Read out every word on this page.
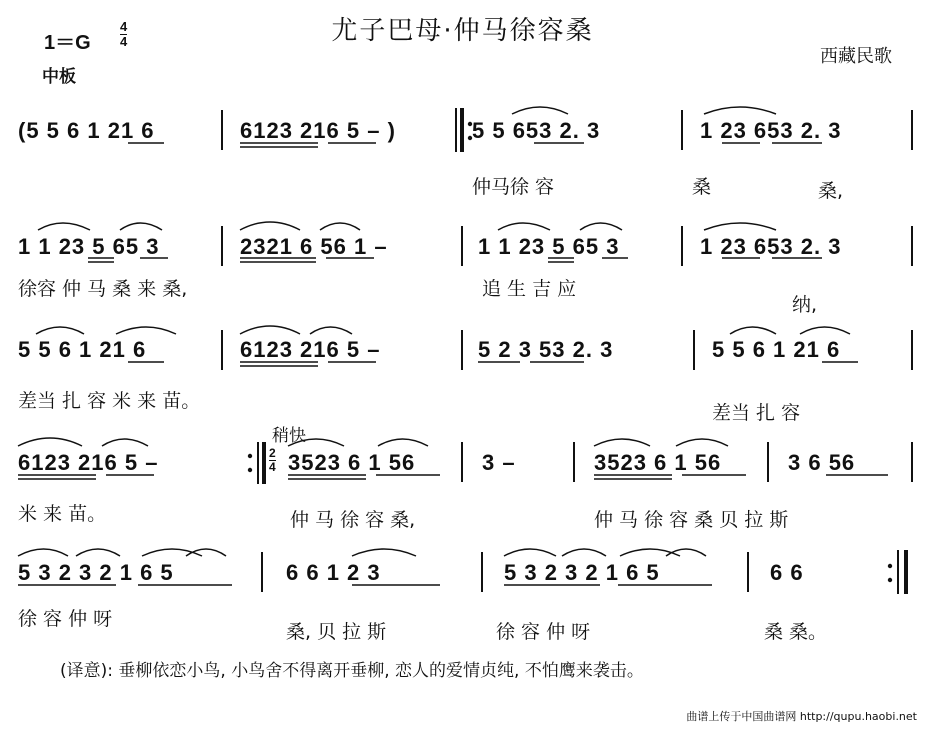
尤子巴母·仲马徐容桑
1＝G
4
4
中板
西藏民歌
稍快
2
4
(5 5 6 1 21 6	6123 216 5 – )	5 5 653 2. 3	1 23 653 2. 3
仲马徐 容	桑	桑,
1 1 23 5 65 3	2321 6 56 1 –	1 1 23 5 65 3	1 23 653 2. 3
徐容 仲 马 桑 来 桑,	追 生 吉 应
纳,
5 5 6 1 21 6	6123 216 5 –	5 2 3 53 2. 3	5 5 6 1 21 6
差当 扎 容 米 来 苗。
差当 扎 容
6123 216 5 –	3523 6 1 56	3 –	3523 6 1 56	3 6 56
米 来 苗。	仲 马 徐 容 桑,	仲 马 徐 容 桑 贝 拉 斯
5 3 2 3 2 1 6 5	6 6 1 2 3	5 3 2 3 2 1 6 5	6 6
徐 容 仲 呀
桑, 贝 拉 斯	徐 容 仲 呀	桑 桑。
(译意): 垂柳依恋小鸟, 小鸟舍不得离开垂柳, 恋人的爱情贞纯, 不怕鹰来袭击。
曲谱上传于中国曲谱网 http://qupu.haobi.net
